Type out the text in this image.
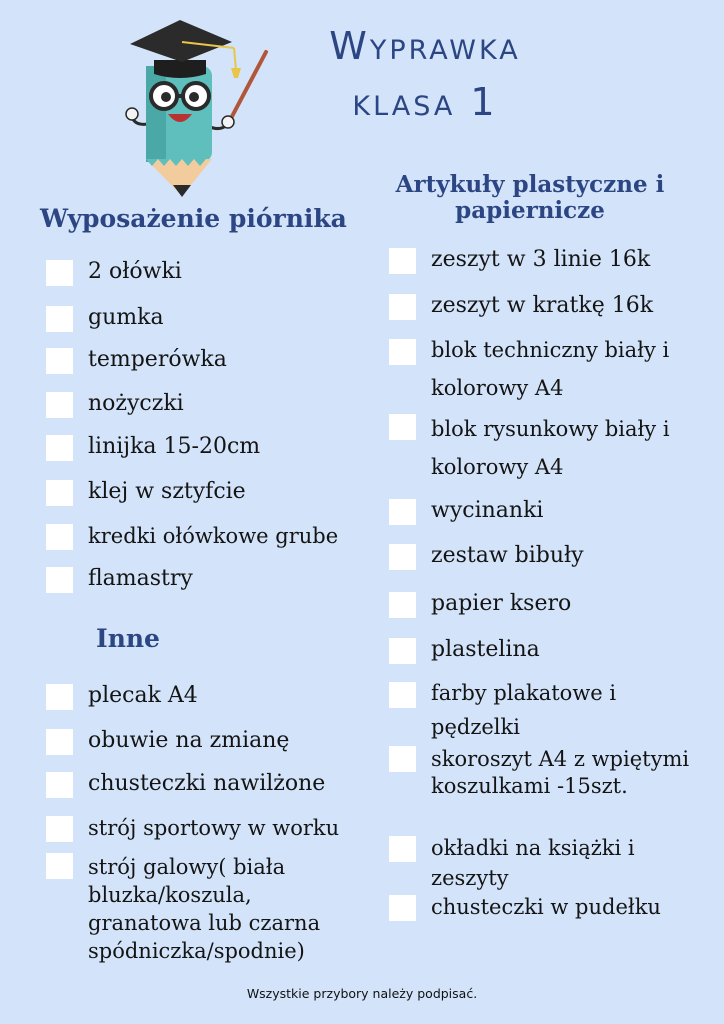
Wyprawka
klasa 1
Wyposażenie piórnika
2 ołówki
gumka
temperówka
nożyczki
linijka 15-20cm
klej w sztyfcie
kredki ołówkowe grube
flamastry
Inne
plecak A4
obuwie na zmianę
chusteczki nawilżone
strój sportowy w worku
strój galowy( biała bluzka/koszula, granatowa lub czarna spódniczka/spodnie)
Artykuły plastyczne i papiernicze
zeszyt w 3 linie 16k
zeszyt w kratkę 16k
blok techniczny biały i kolorowy A4
blok rysunkowy biały i kolorowy A4
wycinanki
zestaw bibuły
papier ksero
plastelina
farby plakatowe i pędzelki
skoroszyt A4 z wpiętymi koszulkami -15szt.
okładki na książki i zeszyty
chusteczki w pudełku
Wszystkie przybory należy podpisać.
